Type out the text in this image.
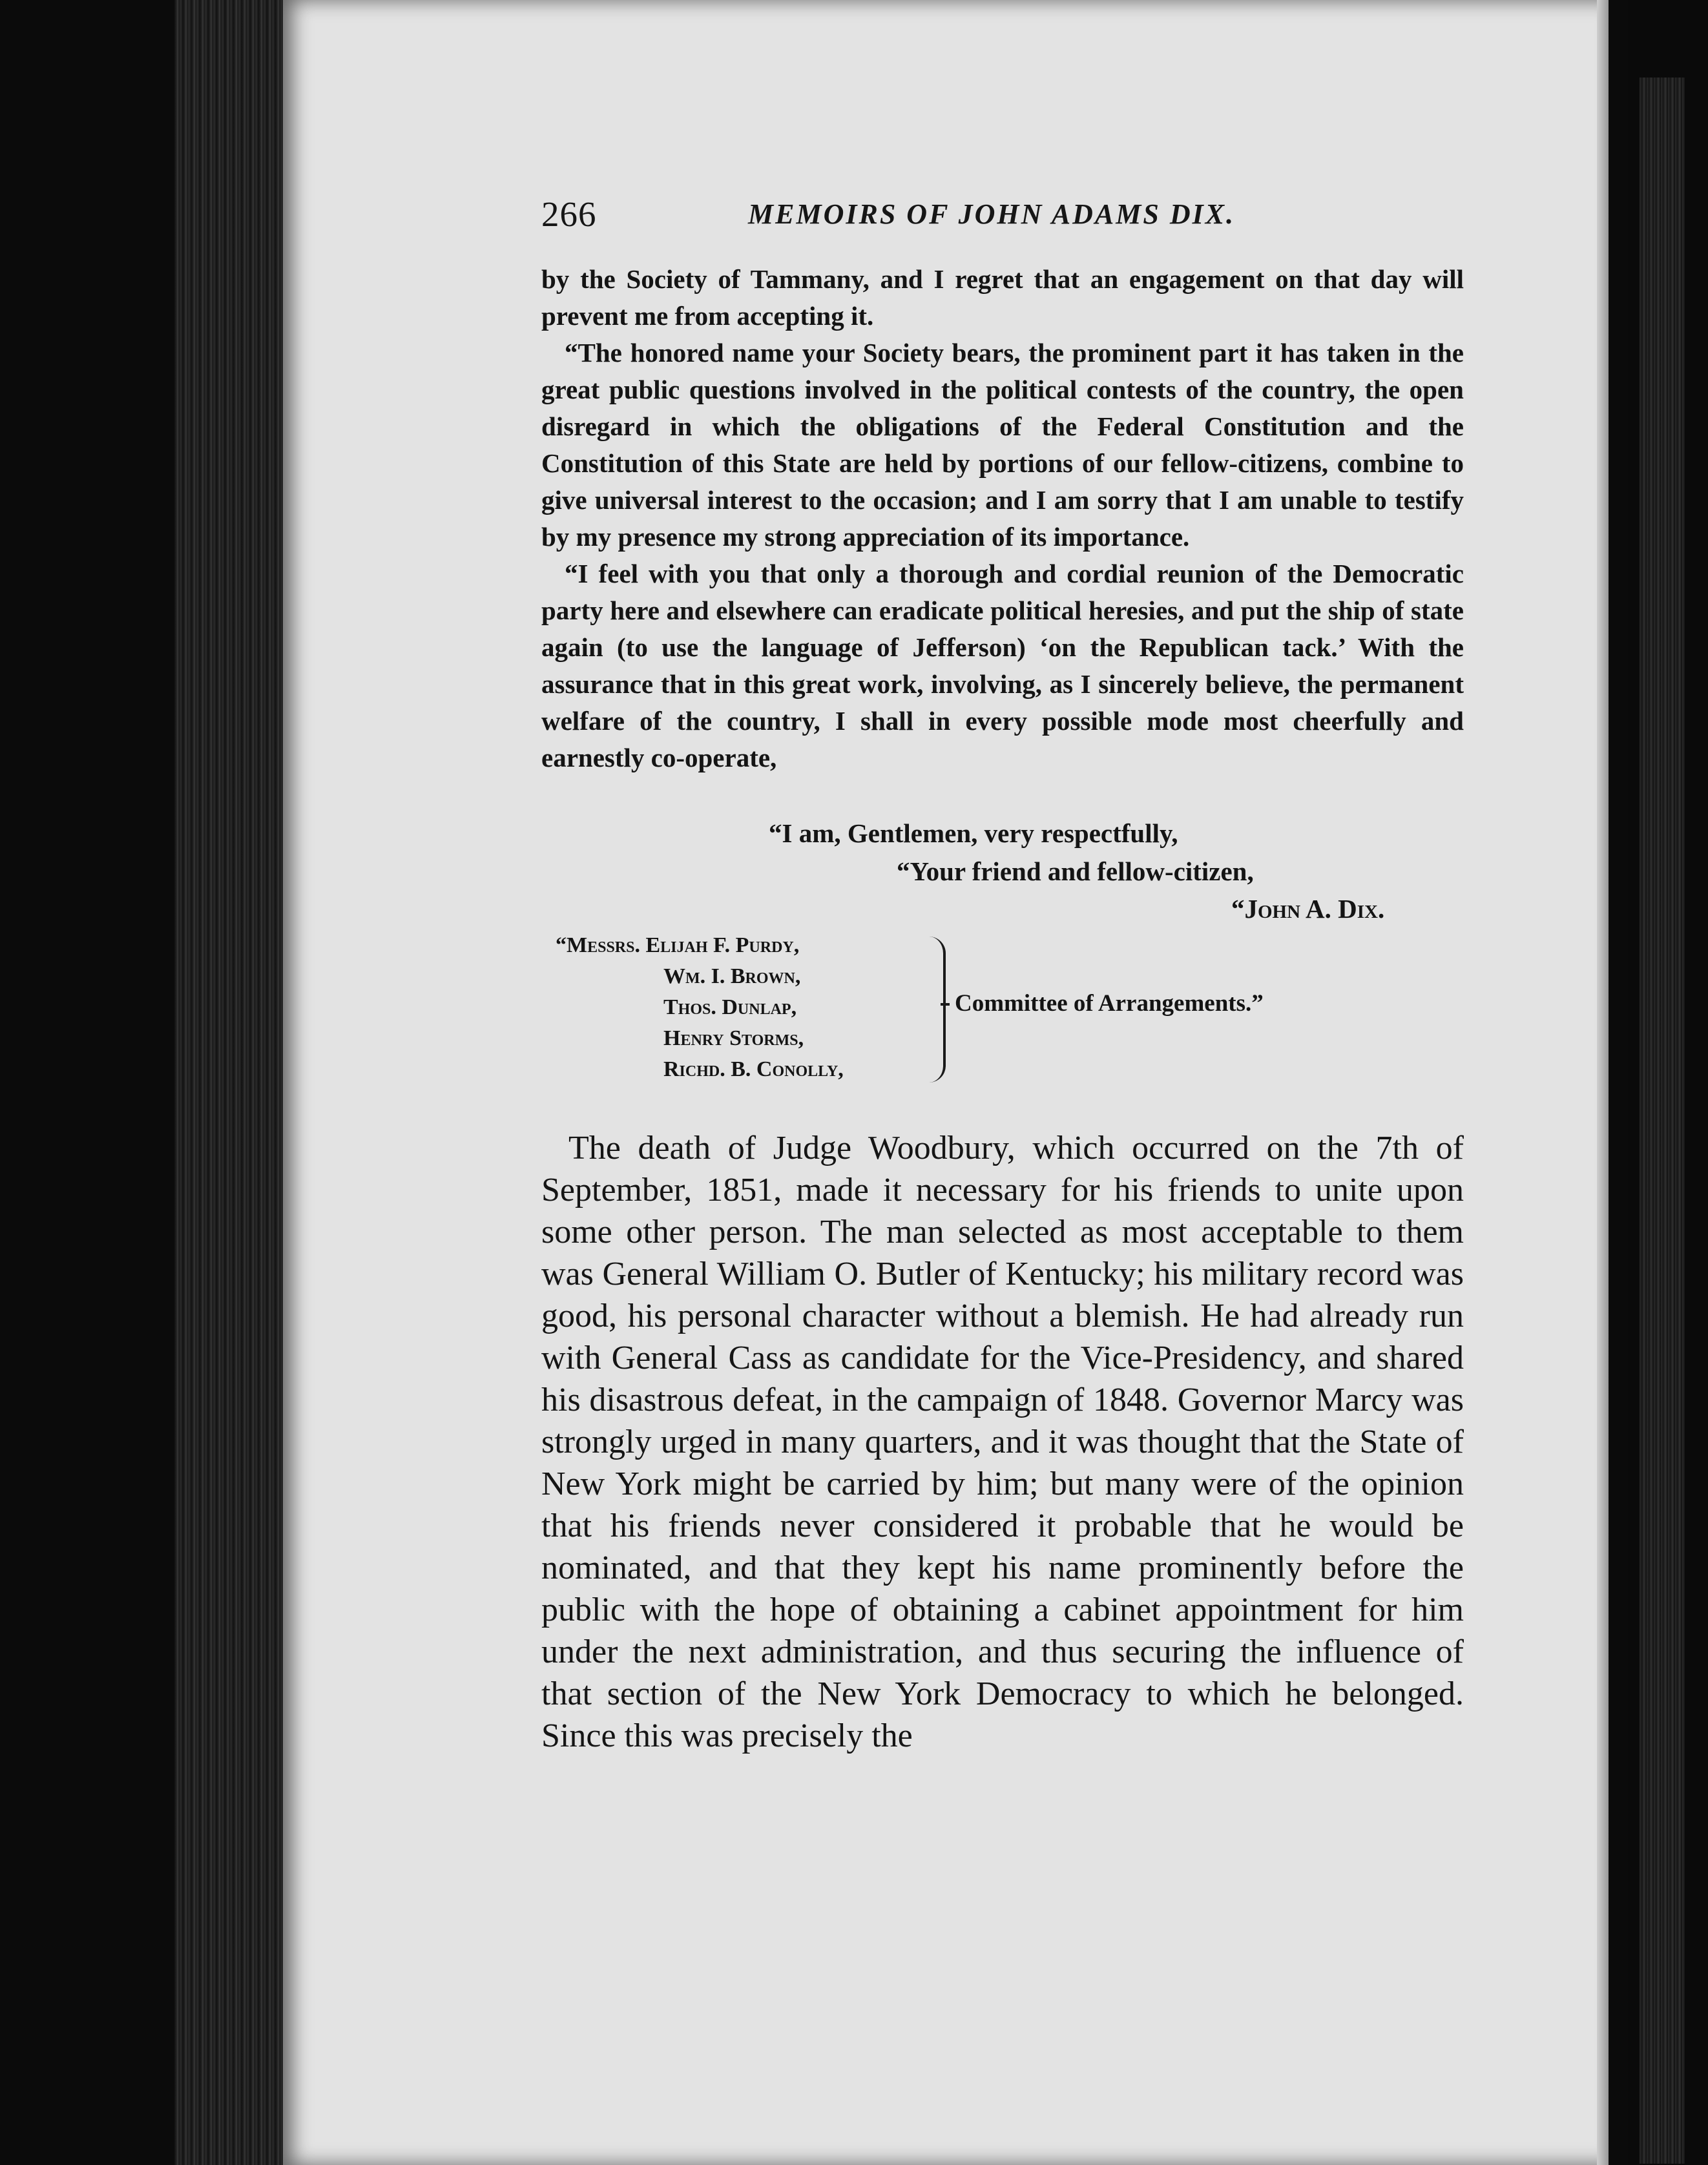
266	MEMOIRS OF JOHN ADAMS DIX.

by the Society of Tammany, and I regret that an engagement on that day will prevent me from accepting it.

“The honored name your Society bears, the prominent part it has taken in the great public questions involved in the political contests of the country, the open disregard in which the obligations of the Federal Constitution and the Constitution of this State are held by portions of our fellow-citizens, combine to give universal interest to the occasion; and I am sorry that I am unable to testify by my presence my strong appreciation of its importance.

“I feel with you that only a thorough and cordial reunion of the Democratic party here and elsewhere can eradicate political heresies, and put the ship of state again (to use the language of Jefferson) ‘on the Republican tack.’ With the assurance that in this great work, involving, as I sincerely believe, the permanent welfare of the country, I shall in every possible mode most cheerfully and earnestly co-operate,

“I am, Gentlemen, very respectfully,
“Your friend and fellow-citizen,
“John A. Dix.
“Messrs. Elijah F. Purdy,
Wm. I. Brown,
Thos. Dunlap,
Henry Storms,
Richd. B. Conolly,
Committee of Arrangements.”

The death of Judge Woodbury, which occurred on the 7th of September, 1851, made it necessary for his friends to unite upon some other person. The man selected as most acceptable to them was General William O. Butler of Kentucky; his military record was good, his personal character without a blemish. He had already run with General Cass as candidate for the Vice-Presidency, and shared his disastrous defeat, in the campaign of 1848. Governor Marcy was strongly urged in many quarters, and it was thought that the State of New York might be carried by him; but many were of the opinion that his friends never considered it probable that he would be nominated, and that they kept his name prominently before the public with the hope of obtaining a cabinet appointment for him under the next administration, and thus securing the influence of that section of the New York Democracy to which he belonged. Since this was precisely the
